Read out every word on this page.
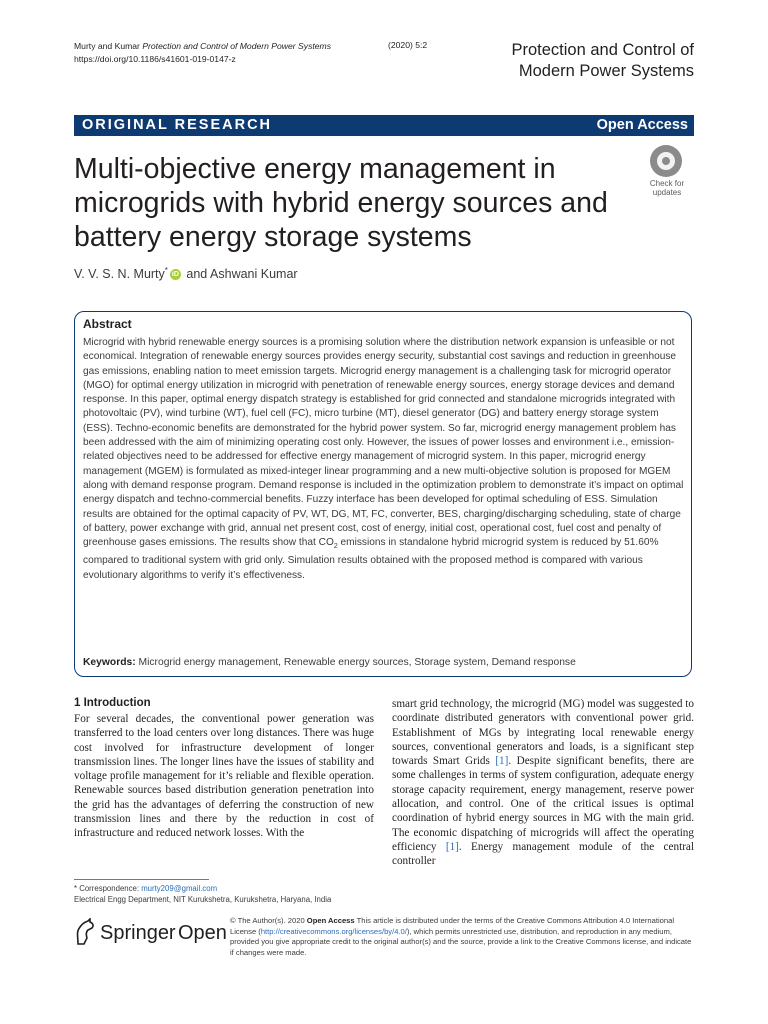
Murty and Kumar Protection and Control of Modern Power Systems
https://doi.org/10.1186/s41601-019-0147-z
(2020) 5:2	Protection and Control of
Modern Power Systems
ORIGINAL RESEARCH	Open Access
Multi-objective energy management in microgrids with hybrid energy sources and battery energy storage systems
Check for
updates
V. V. S. N. Murty* iD and Ashwani Kumar
Abstract
Microgrid with hybrid renewable energy sources is a promising solution where the distribution network expansion is unfeasible or not economical. Integration of renewable energy sources provides energy security, substantial cost savings and reduction in greenhouse gas emissions, enabling nation to meet emission targets. Microgrid energy management is a challenging task for microgrid operator (MGO) for optimal energy utilization in microgrid with penetration of renewable energy sources, energy storage devices and demand response. In this paper, optimal energy dispatch strategy is established for grid connected and standalone microgrids integrated with photovoltaic (PV), wind turbine (WT), fuel cell (FC), micro turbine (MT), diesel generator (DG) and battery energy storage system (ESS). Techno-economic benefits are demonstrated for the hybrid power system. So far, microgrid energy management problem has been addressed with the aim of minimizing operating cost only. However, the issues of power losses and environment i.e., emission-related objectives need to be addressed for effective energy management of microgrid system. In this paper, microgrid energy management (MGEM) is formulated as mixed-integer linear programming and a new multi-objective solution is proposed for MGEM along with demand response program. Demand response is included in the optimization problem to demonstrate it’s impact on optimal energy dispatch and techno-commercial benefits. Fuzzy interface has been developed for optimal scheduling of ESS. Simulation results are obtained for the optimal capacity of PV, WT, DG, MT, FC, converter, BES, charging/discharging scheduling, state of charge of battery, power exchange with grid, annual net present cost, cost of energy, initial cost, operational cost, fuel cost and penalty of greenhouse gases emissions. The results show that $CO_2$ emissions in standalone hybrid microgrid system is reduced by 51.60% compared to traditional system with grid only. Simulation results obtained with the proposed method is compared with various evolutionary algorithms to verify it’s effectiveness.
Keywords: Microgrid energy management, Renewable energy sources, Storage system, Demand response
1 Introduction
For several decades, the conventional power generation was transferred to the load centers over long distances. There was huge cost involved for infrastructure development of longer transmission lines. The longer lines have the issues of stability and voltage profile management for it’s reliable and flexible operation. Renewable sources based distribution generation penetration into the grid has the advantages of deferring the construction of new transmission lines and there by the reduction in cost of infrastructure and reduced network losses. With the
smart grid technology, the microgrid (MG) model was suggested to coordinate distributed generators with conventional power grid. Establishment of MGs by integrating local renewable energy sources, conventional generators and loads, is a significant step towards Smart Grids [1]. Despite significant benefits, there are some challenges in terms of system configuration, adequate energy storage capacity requirement, energy management, reserve power allocation, and control. One of the critical issues is optimal coordination of hybrid energy sources in MG with the main grid. The economic dispatching of microgrids will affect the operating efficiency [1]. Energy management module of the central controller
* Correspondence: murty209@gmail.com
Electrical Engg Department, NIT Kurukshetra, Kurukshetra, Haryana, India
Springer Open
© The Author(s). 2020 Open Access This article is distributed under the terms of the Creative Commons Attribution 4.0 International License (http://creativecommons.org/licenses/by/4.0/), which permits unrestricted use, distribution, and reproduction in any medium, provided you give appropriate credit to the original author(s) and the source, provide a link to the Creative Commons license, and indicate if changes were made.
